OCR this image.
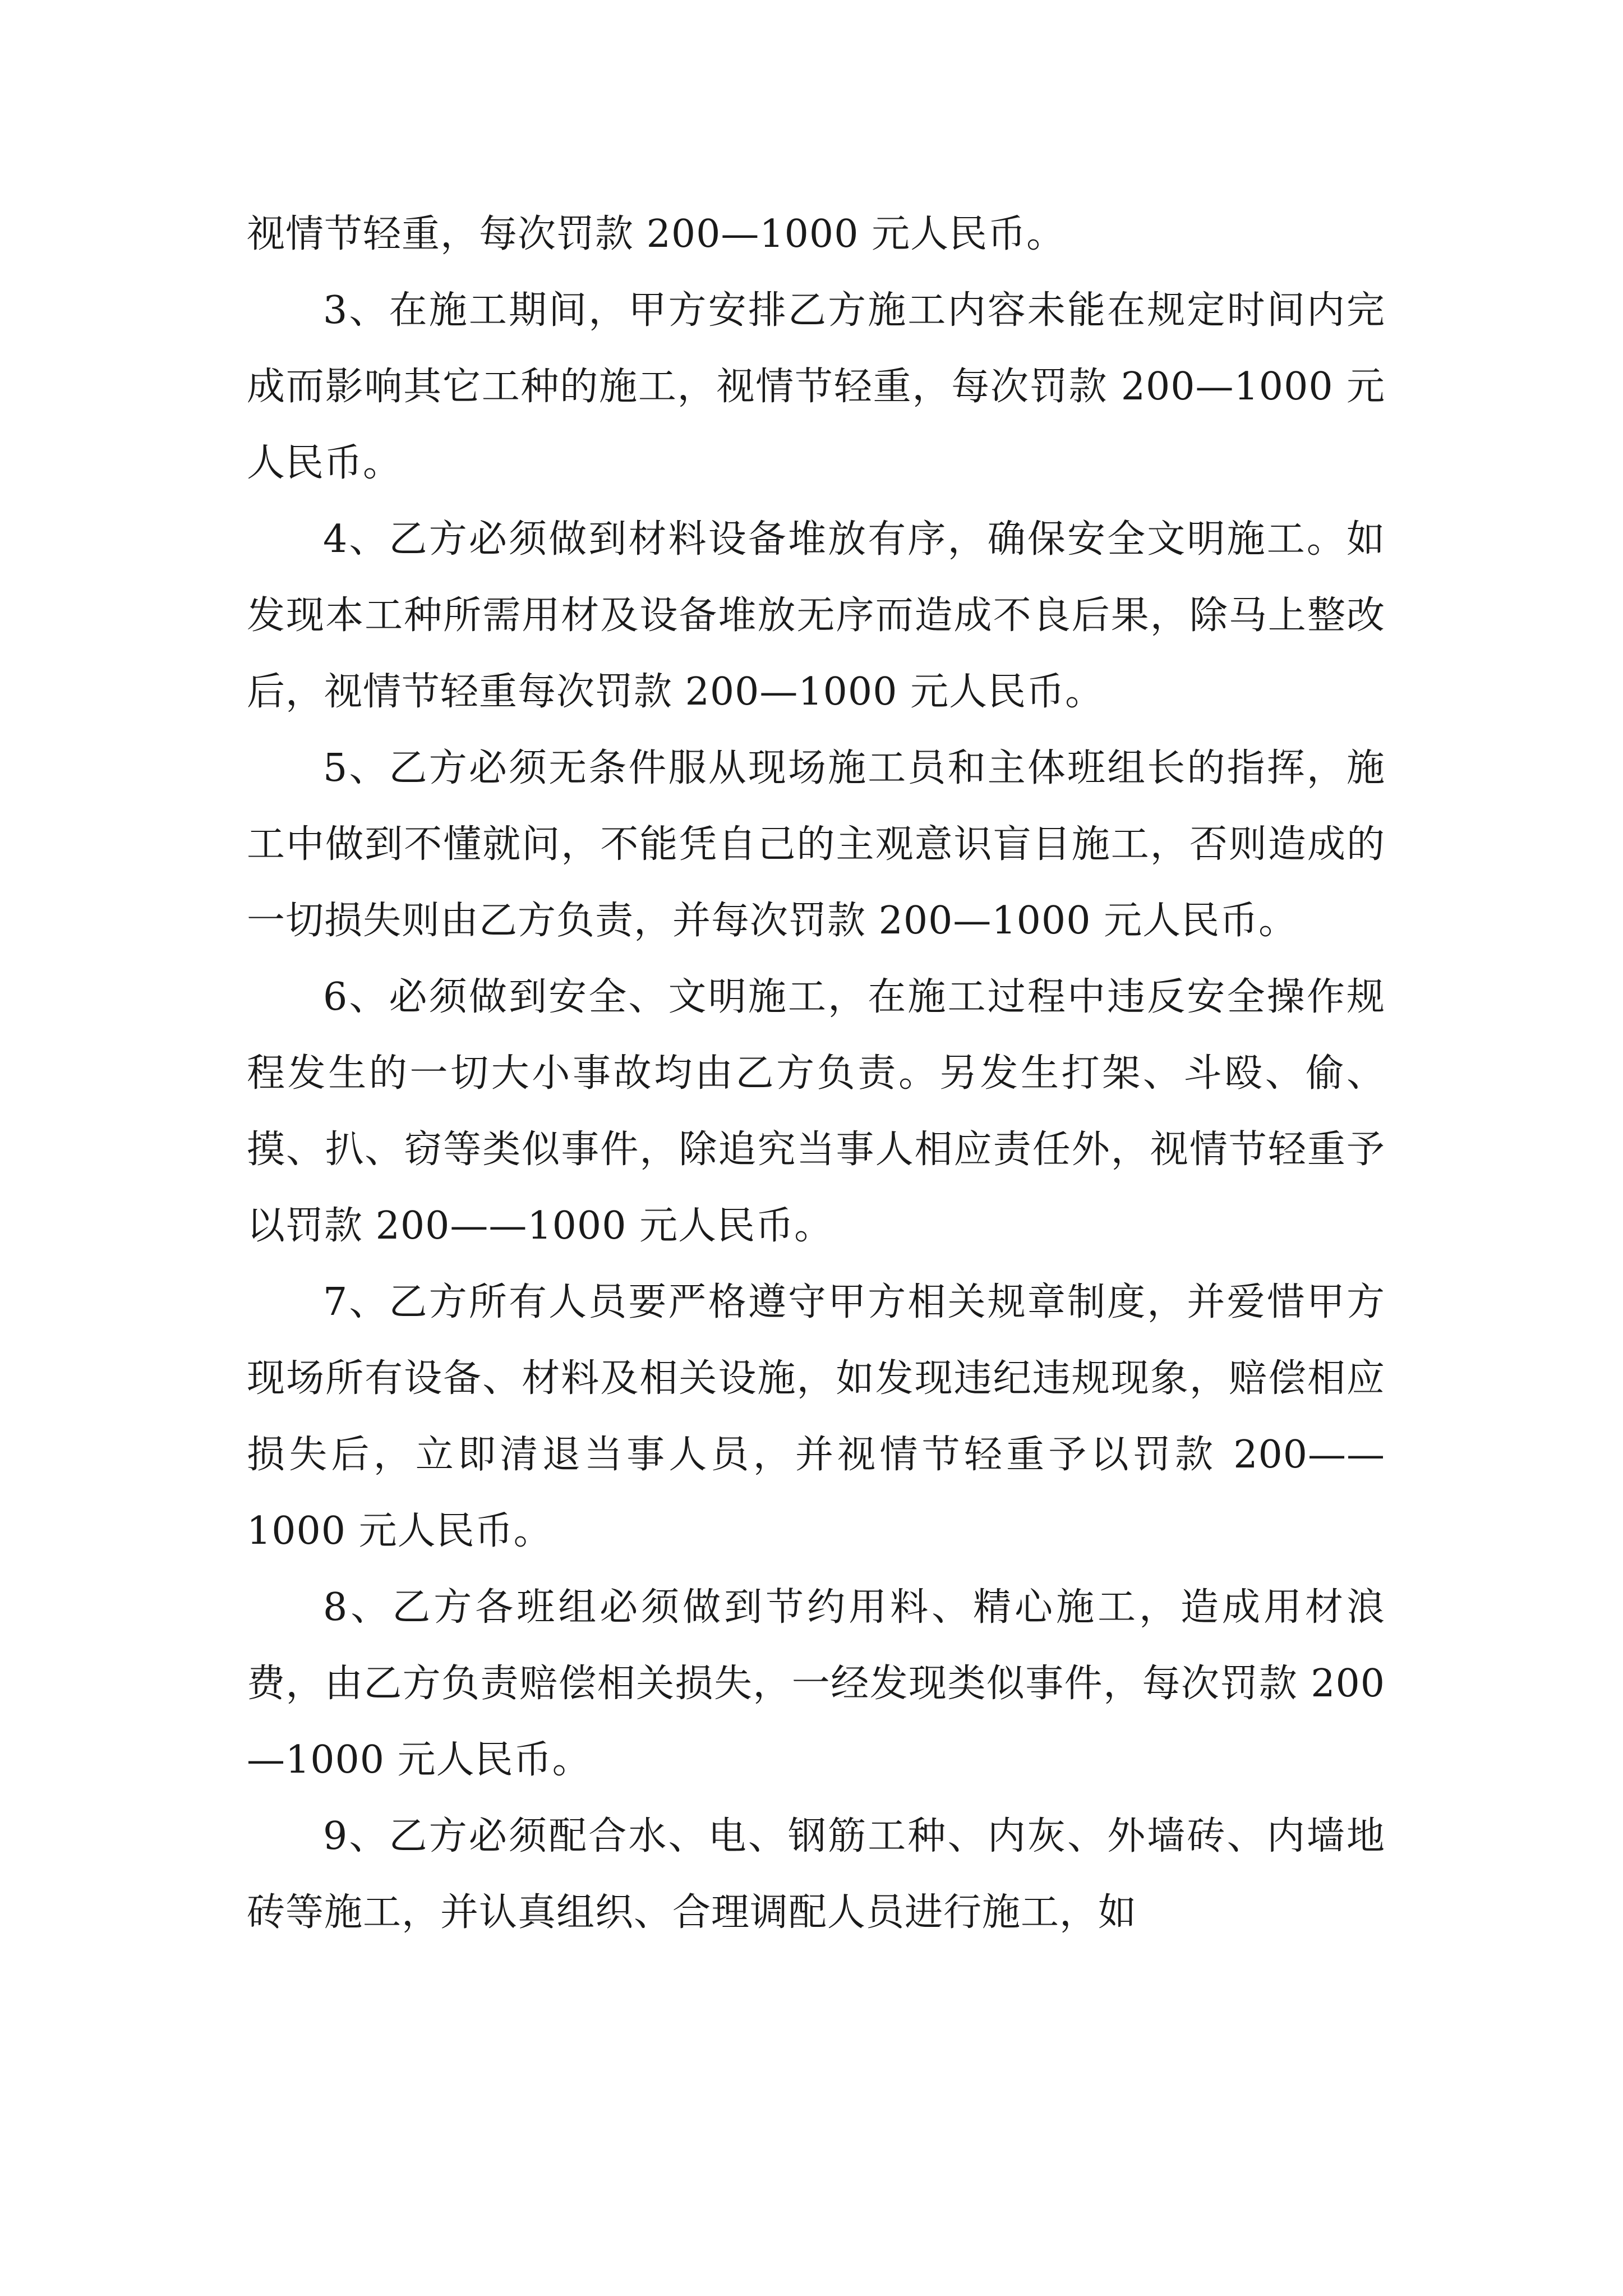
视情节轻重，每次罚款 200—1000 元人民币。

3、在施工期间，甲方安排乙方施工内容未能在规定时间内完成而影响其它工种的施工，视情节轻重，每次罚款 200—1000 元人民币。

4、乙方必须做到材料设备堆放有序，确保安全文明施工。如发现本工种所需用材及设备堆放无序而造成不良后果，除马上整改后，视情节轻重每次罚款 200—1000 元人民币。

5、乙方必须无条件服从现场施工员和主体班组长的指挥，施工中做到不懂就问，不能凭自己的主观意识盲目施工，否则造成的一切损失则由乙方负责，并每次罚款 200—1000 元人民币。

6、必须做到安全、文明施工，在施工过程中违反安全操作规程发生的一切大小事故均由乙方负责。另发生打架、斗殴、偷、摸、扒、窃等类似事件，除追究当事人相应责任外，视情节轻重予以罚款 200——1000 元人民币。

7、乙方所有人员要严格遵守甲方相关规章制度，并爱惜甲方现场所有设备、材料及相关设施，如发现违纪违规现象，赔偿相应损失后，立即清退当事人员，并视情节轻重予以罚款 200——1000 元人民币。

8、乙方各班组必须做到节约用料、精心施工，造成用材浪费，由乙方负责赔偿相关损失，一经发现类似事件，每次罚款 200—1000 元人民币。

9、乙方必须配合水、电、钢筋工种、内灰、外墙砖、内墙地砖等施工，并认真组织、合理调配人员进行施工，如
